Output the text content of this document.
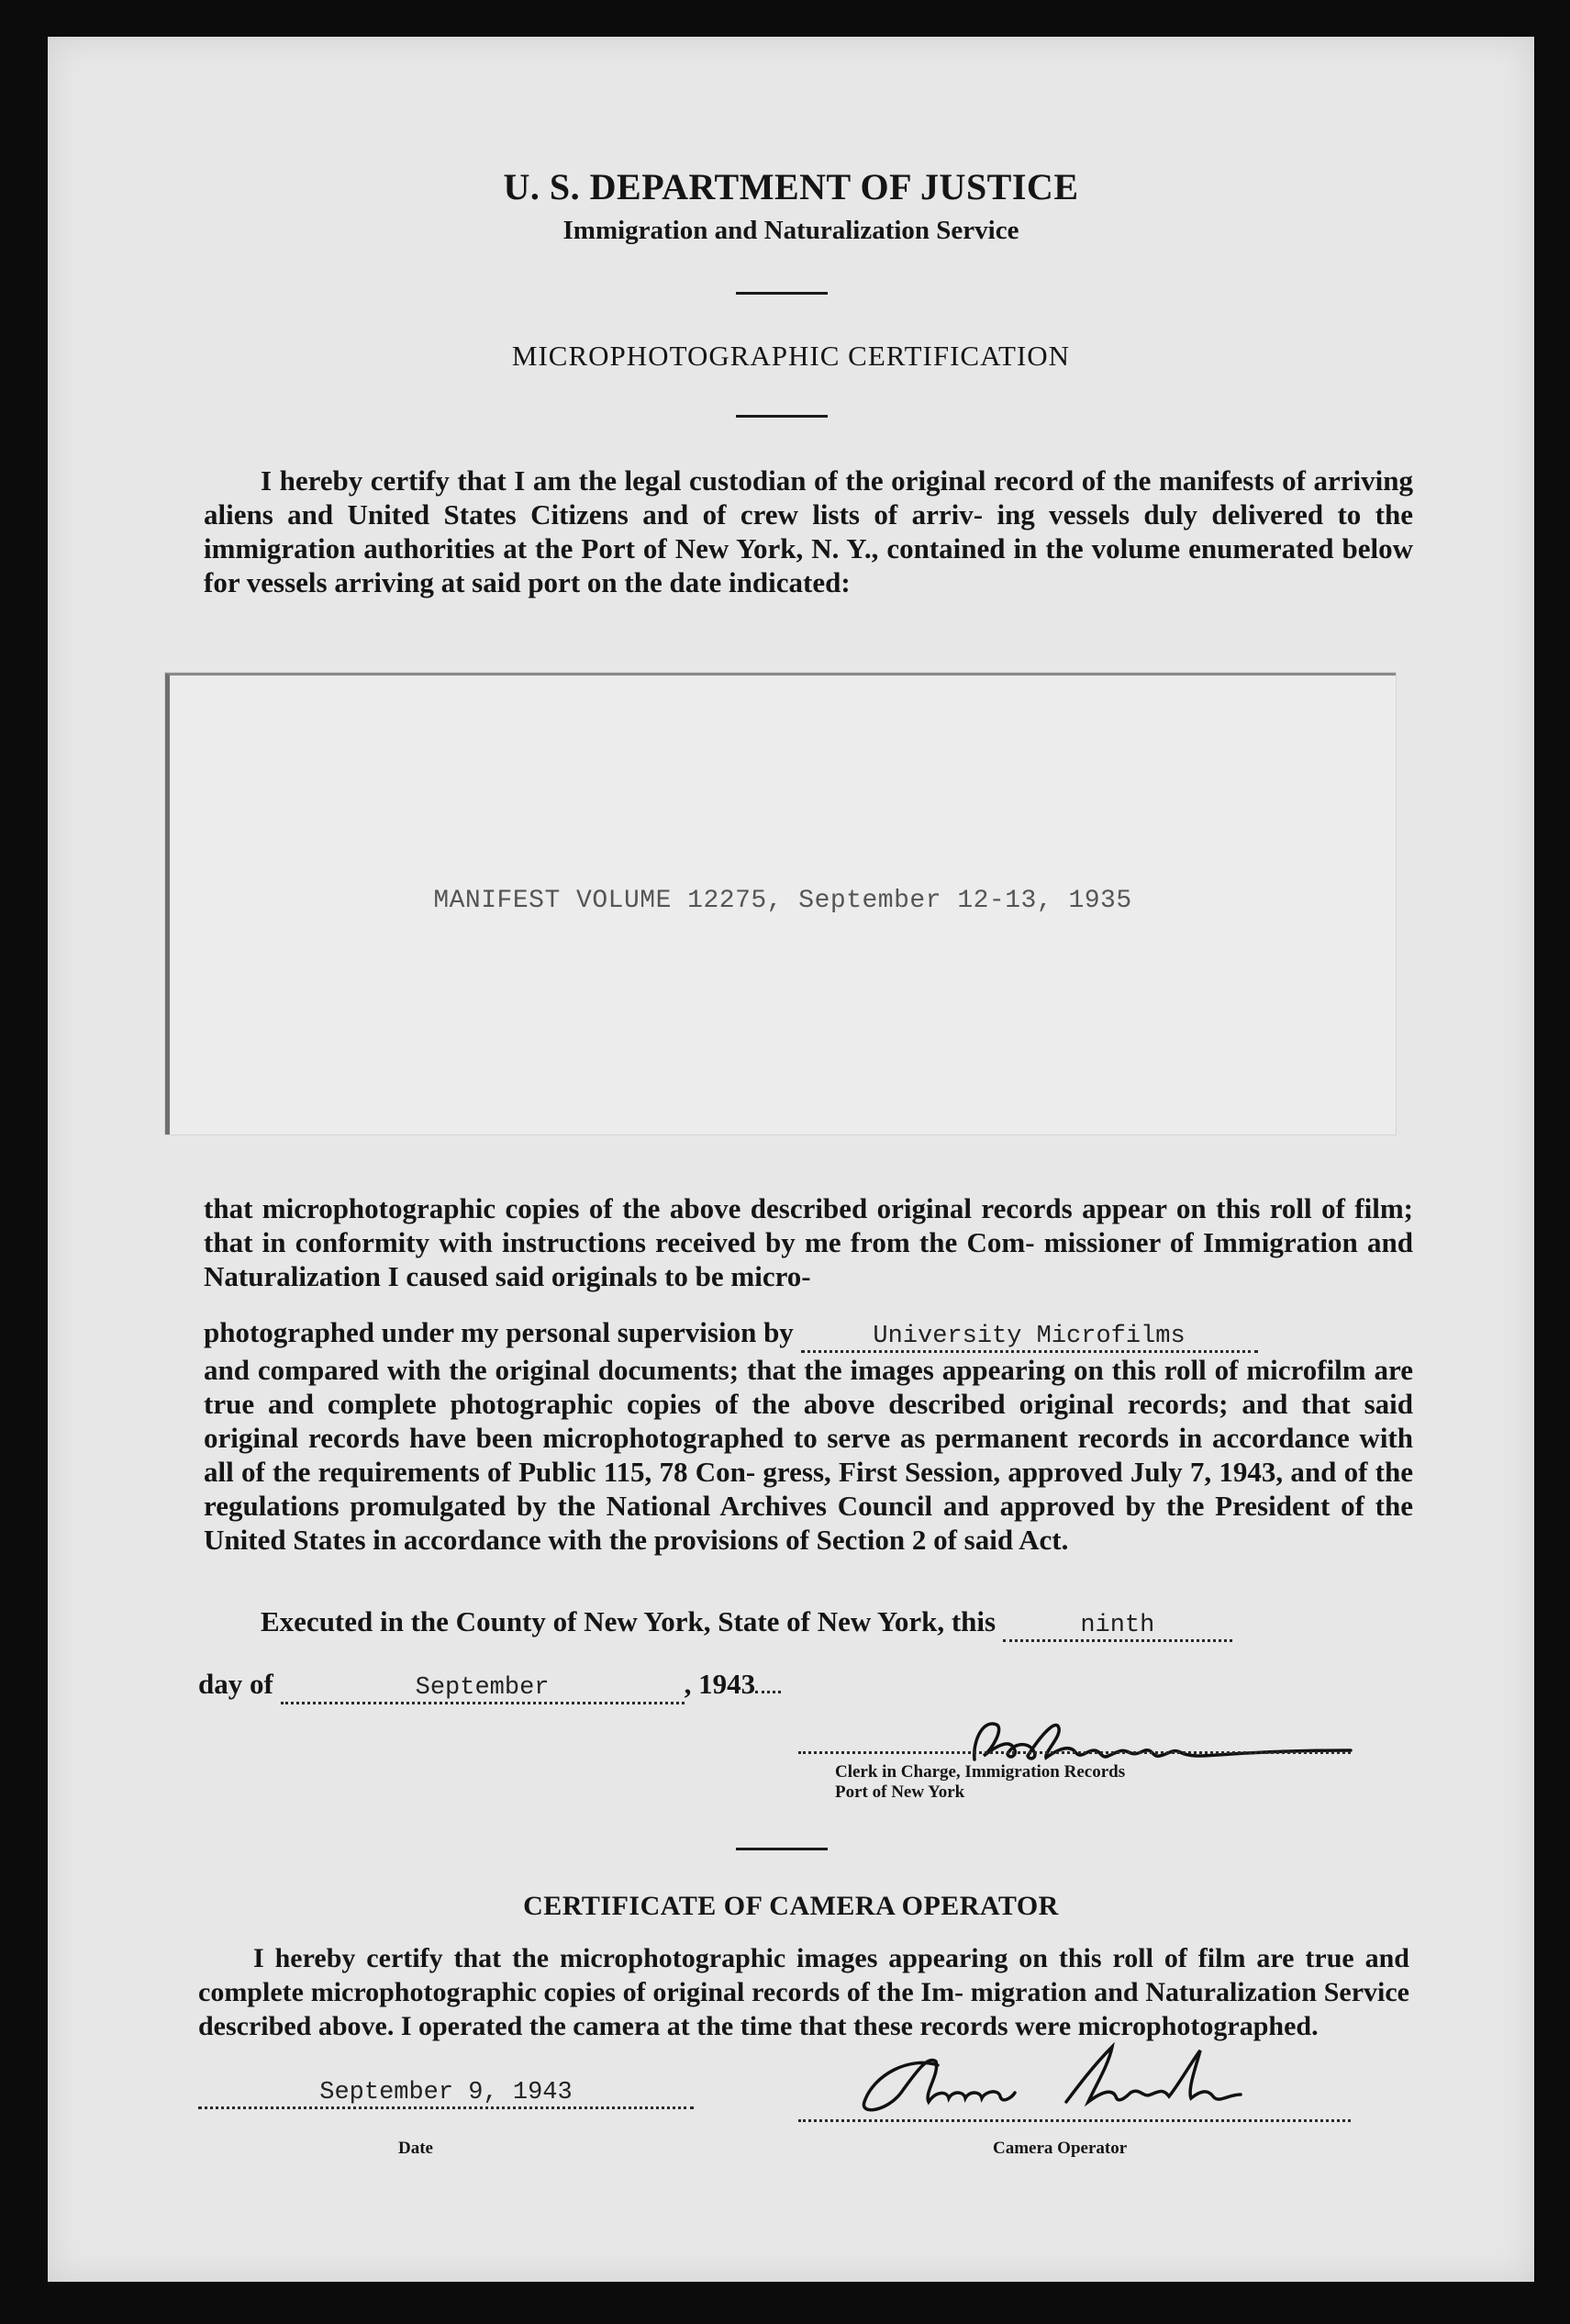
U. S. DEPARTMENT OF JUSTICE
Immigration and Naturalization Service
MICROPHOTOGRAPHIC CERTIFICATION

I hereby certify that I am the legal custodian of the original record of the manifests of arriving aliens and United States Citizens and of crew lists of arriv- ing vessels duly delivered to the immigration authorities at the Port of New York, N. Y., contained in the volume enumerated below for vessels arriving at said port on the date indicated:

MANIFEST VOLUME 12275, September 12-13, 1935

that microphotographic copies of the above described original records appear on this roll of film; that in conformity with instructions received by me from the Com- missioner of Immigration and Naturalization I caused said originals to be micro-

photographed under my personal supervision by	University Microfilms

and compared with the original documents; that the images appearing on this roll of microfilm are true and complete photographic copies of the above described original records; and that said original records have been microphotographed to serve as permanent records in accordance with all of the requirements of Public 115, 78 Con- gress, First Session, approved July 7, 1943, and of the regulations promulgated by the National Archives Council and approved by the President of the United States in accordance with the provisions of Section 2 of said Act.

Executed in the County of New York, State of New York, this	ninth
day of	September	, 1943
Clerk in Charge, Immigration Records
Port of New York
CERTIFICATE OF CAMERA OPERATOR

I hereby certify that the microphotographic images appearing on this roll of film are true and complete microphotographic copies of original records of the Im- migration and Naturalization Service described above. I operated the camera at the time that these records were microphotographed.

September 9, 1943
Date	Camera Operator
